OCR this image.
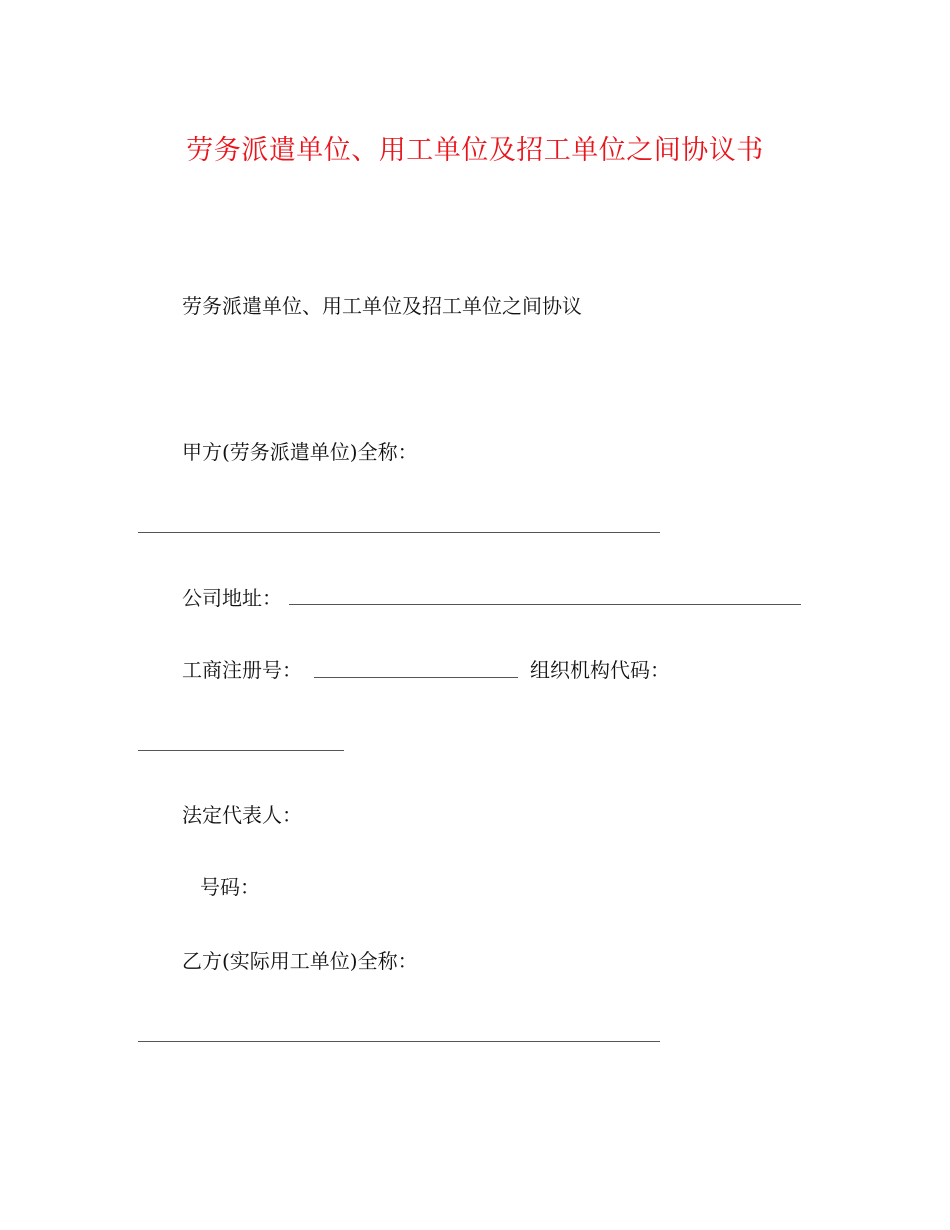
劳务派遣单位、用工单位及招工单位之间协议书
劳务派遣单位、用工单位及招工单位之间协议
甲方(劳务派遣单位)全称：
公司地址：
工商注册号：	组织机构代码：
法定代表人：
号码：
乙方(实际用工单位)全称：
